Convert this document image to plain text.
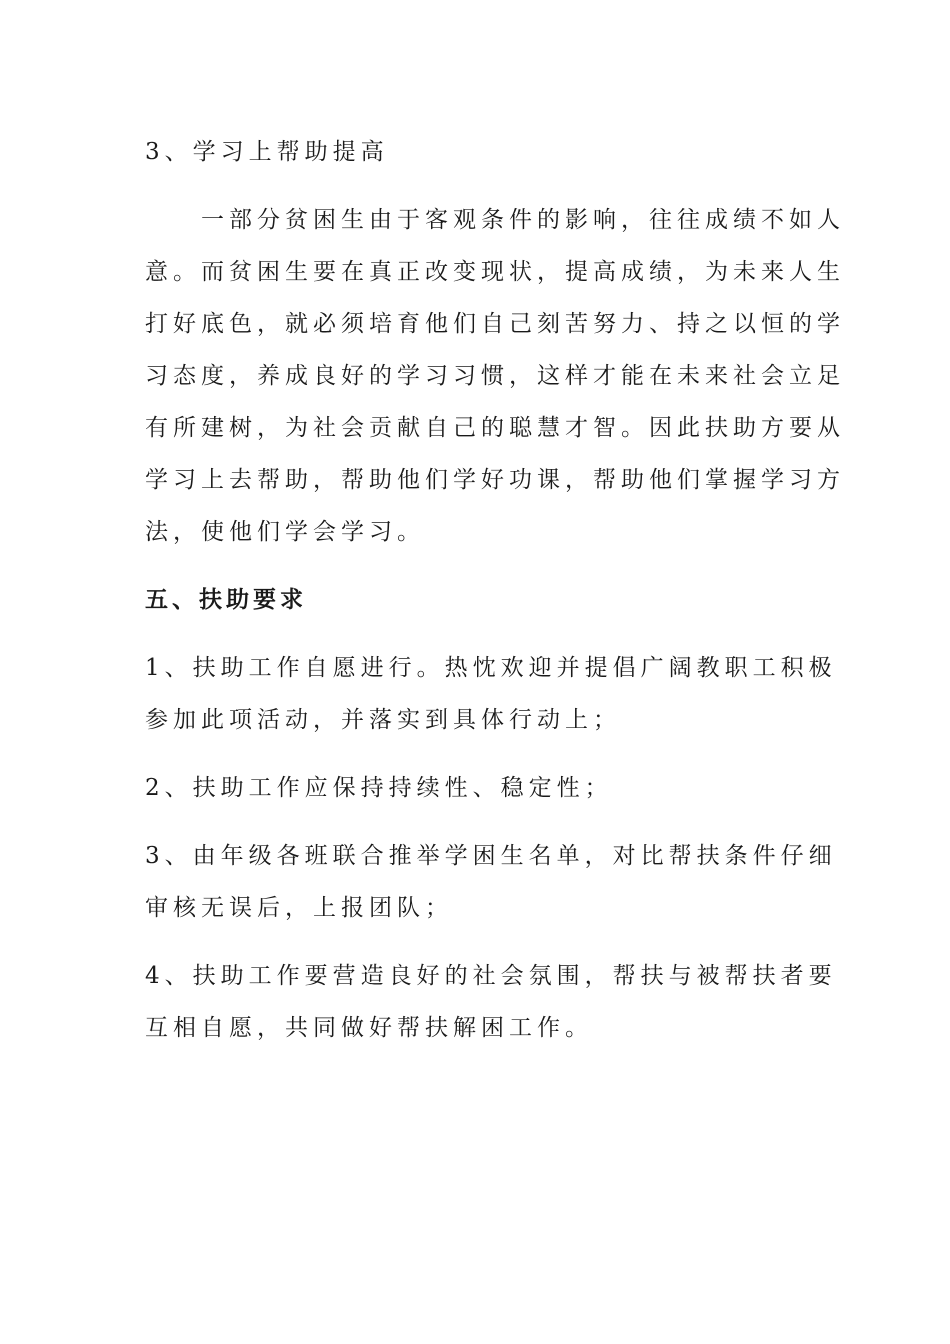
3、学习上帮助提高

一部分贫困生由于客观条件的影响，往往成绩不如人

意。而贫困生要在真正改变现状，提高成绩，为未来人生

打好底色，就必须培育他们自己刻苦努力、持之以恒的学

习态度，养成良好的学习习惯，这样才能在未来社会立足

有所建树，为社会贡献自己的聪慧才智。因此扶助方要从

学习上去帮助，帮助他们学好功课，帮助他们掌握学习方

法，使他们学会学习。

五、扶助要求

1、扶助工作自愿进行。热忱欢迎并提倡广阔教职工积极

参加此项活动，并落实到具体行动上；

2、扶助工作应保持持续性、稳定性；

3、由年级各班联合推举学困生名单，对比帮扶条件仔细

审核无误后，上报团队；

4、扶助工作要营造良好的社会氛围，帮扶与被帮扶者要

互相自愿，共同做好帮扶解困工作。
